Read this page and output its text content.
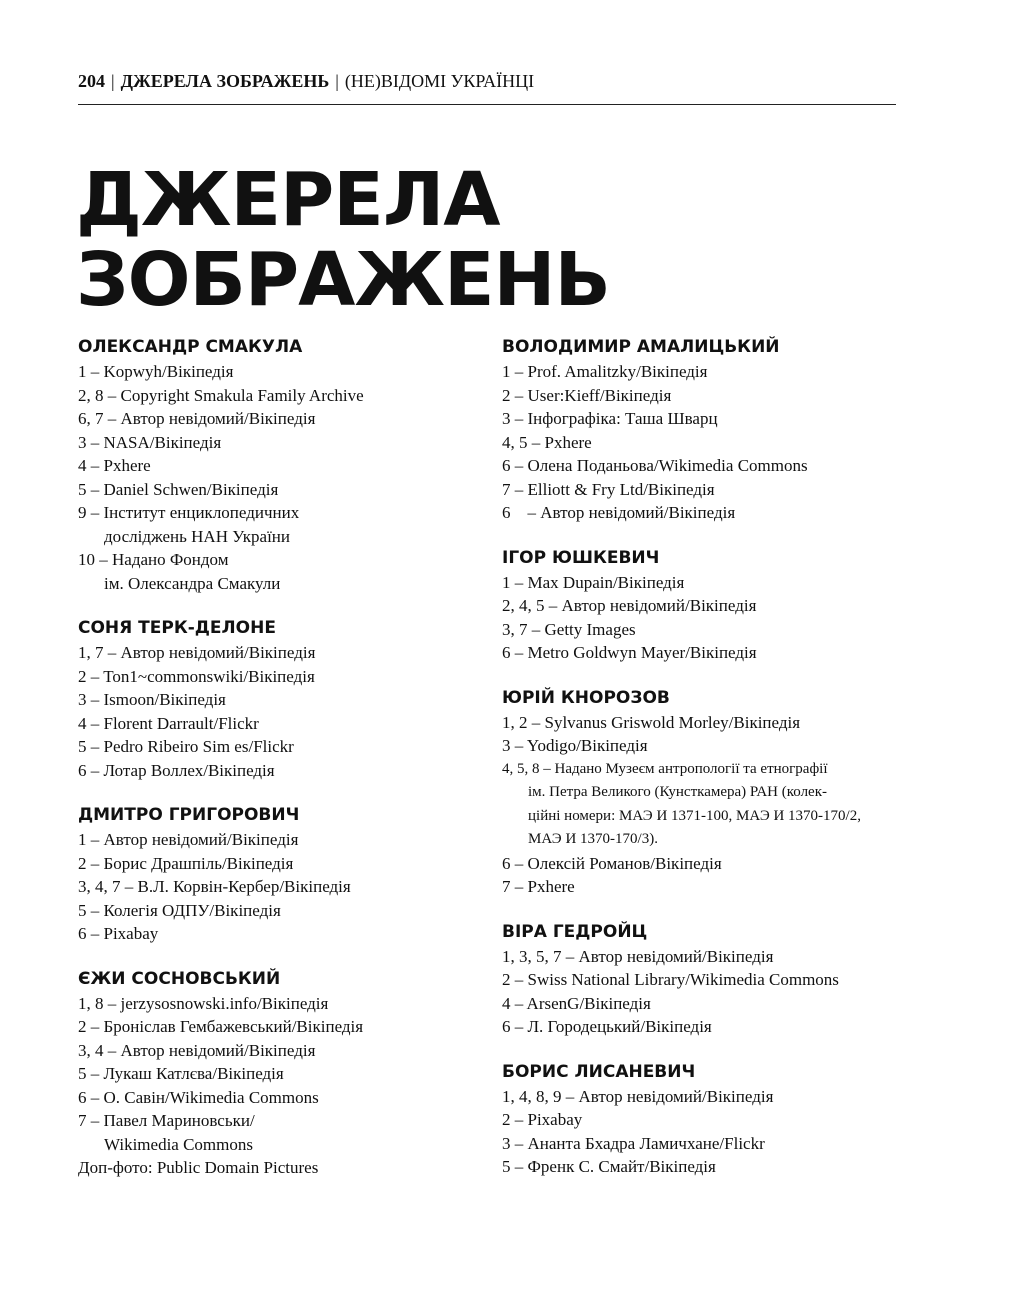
204 | ДЖЕРЕЛА ЗОБРАЖЕНЬ | (НЕ)ВІДОМІ УКРАЇНЦІ
ДЖЕРЕЛА
ЗОБРАЖЕНЬ
ОЛЕКСАНДР СМАКУЛА
1 – Kopwyh/Вікіпедія
2, 8 – Copyright Smakula Family Archive
6, 7 – Автор невідомий/Вікіпедія
3 – NASA/Вікіпедія
4 – Pxhere
5 – Daniel Schwen/Вікіпедія
9 – Інститут енциклопедичних
досліджень НАН України
10 – Надано Фондом
ім. Олександра Смакули
СОНЯ ТЕРК-ДЕЛОНЕ
1, 7 – Автор невідомий/Вікіпедія
2 – Ton1~commonswiki/Вікіпедія
3 – Ismoon/Вікіпедія
4 – Florent Darrault/Flickr
5 – Pedro Ribeiro Sim es/Flickr
6 – Лотар Воллех/Вікіпедія
ДМИТРО ГРИГОРОВИЧ
1 – Автор невідомий/Вікіпедія
2 – Борис Драшпіль/Вікіпедія
3, 4, 7 – В.Л. Корвін-Кербер/Вікіпедія
5 – Колегія ОДПУ/Вікіпедія
6 – Pixabay
ЄЖИ СОСНОВСЬКИЙ
1, 8 – jerzysosnowski.info/Вікіпедія
2 – Броніслав Гембажевський/Вікіпедія
3, 4 – Автор невідомий/Вікіпедія
5 – Лукаш Катлєва/Вікіпедія
6 – О. Савін/Wikimedia Commons
7 – Павел Мариновськи/
Wikimedia Commons
Доп-фото: Public Domain Pictures
ВОЛОДИМИР АМАЛИЦЬКИЙ
1 – Prof. Amalitzky/Вікіпедія
2 – User:Kieff/Вікіпедія
3 – Інфографіка: Таша Шварц
4, 5 – Pxhere
6 – Олена Поданьова/Wikimedia Commons
7 – Elliott & Fry Ltd/Вікіпедія
6    – Автор невідомий/Вікіпедія
ІГОР ЮШКЕВИЧ
1 – Max Dupain/Вікіпедія
2, 4, 5 – Автор невідомий/Вікіпедія
3, 7 – Getty Images
6 – Metro Goldwyn Mayer/Вікіпедія
ЮРІЙ КНОРОЗОВ
1, 2 – Sylvanus Griswold Morley/Вікіпедія
3 – Yodigo/Вікіпедія
4, 5, 8 – Надано Музеєм антропології та етнографії
ім. Петра Великого (Кунсткамера) РАН (колек-
ційні номери: МАЭ И 1371-100, МАЭ И 1370-170/2,
МАЭ И 1370-170/3).
6 – Олексій Романов/Вікіпедія
7 – Pxhere
ВІРА ГЕДРОЙЦ
1, 3, 5, 7 – Автор невідомий/Вікіпедія
2 – Swiss National Library/Wikimedia Commons
4 – ArsenG/Вікіпедія
6 – Л. Городецький/Вікіпедія
БОРИС ЛИСАНЕВИЧ
1, 4, 8, 9 – Автор невідомий/Вікіпедія
2 – Pixabay
3 – Ананта Бхадра Ламичхане/Flickr
5 – Френк С. Смайт/Вікіпедія
